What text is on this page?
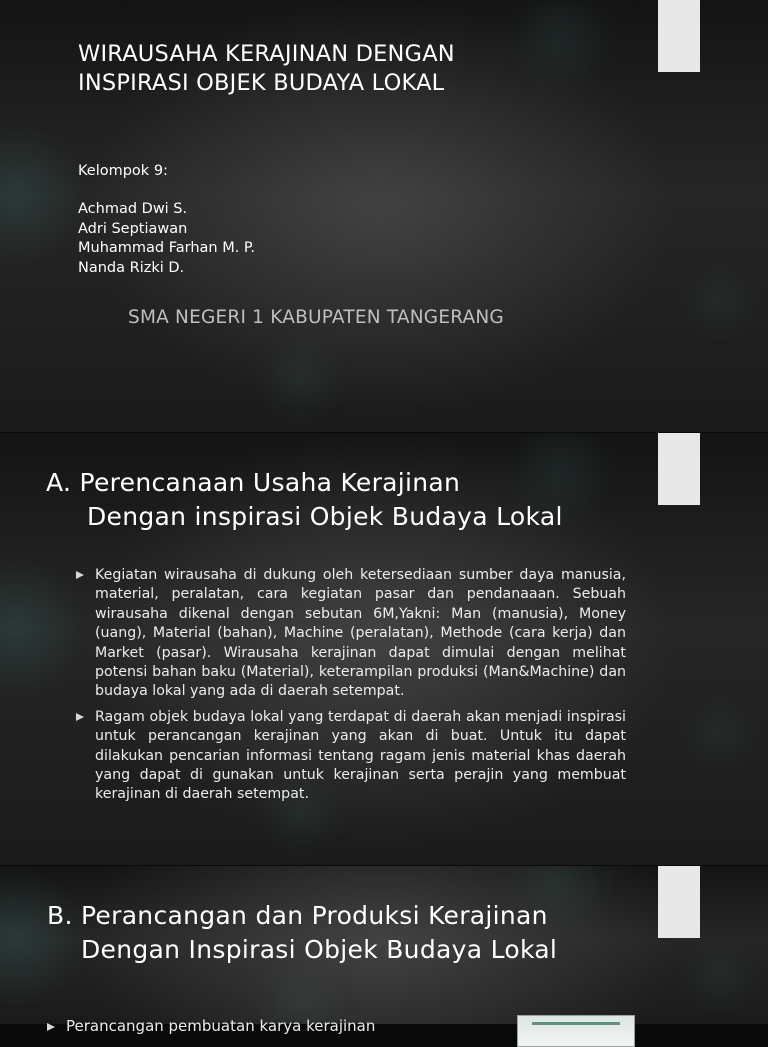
WIRAUSAHA KERAJINAN DENGAN
INSPIRASI OBJEK BUDAYA LOKAL

Kelompok 9:

Achmad Dwi S.
Adri Septiawan
Muhammad Farhan M. P.
Nanda Rizki D.

SMA NEGERI 1 KABUPATEN TANGERANG

A. Perencanaan Usaha Kerajinan
Dengan inspirasi Objek Budaya Lokal

Kegiatan wirausaha di dukung oleh ketersediaan sumber daya manusia, material, peralatan, cara kegiatan pasar dan pendanaaan. Sebuah wirausaha dikenal dengan sebutan 6M,Yakni: Man (manusia), Money (uang), Material (bahan), Machine (peralatan), Methode (cara kerja) dan Market (pasar). Wirausaha kerajinan dapat dimulai dengan melihat potensi bahan baku (Material), keterampilan produksi (Man&Machine) dan budaya lokal yang ada di daerah setempat.

Ragam objek budaya lokal yang terdapat di daerah akan menjadi inspirasi untuk perancangan kerajinan yang akan di buat. Untuk itu dapat dilakukan pencarian informasi tentang ragam jenis material khas daerah yang dapat di gunakan untuk kerajinan serta perajin yang membuat kerajinan di daerah setempat.

B. Perancangan dan Produksi Kerajinan
Dengan Inspirasi Objek Budaya Lokal

Perancangan pembuatan karya kerajinan
